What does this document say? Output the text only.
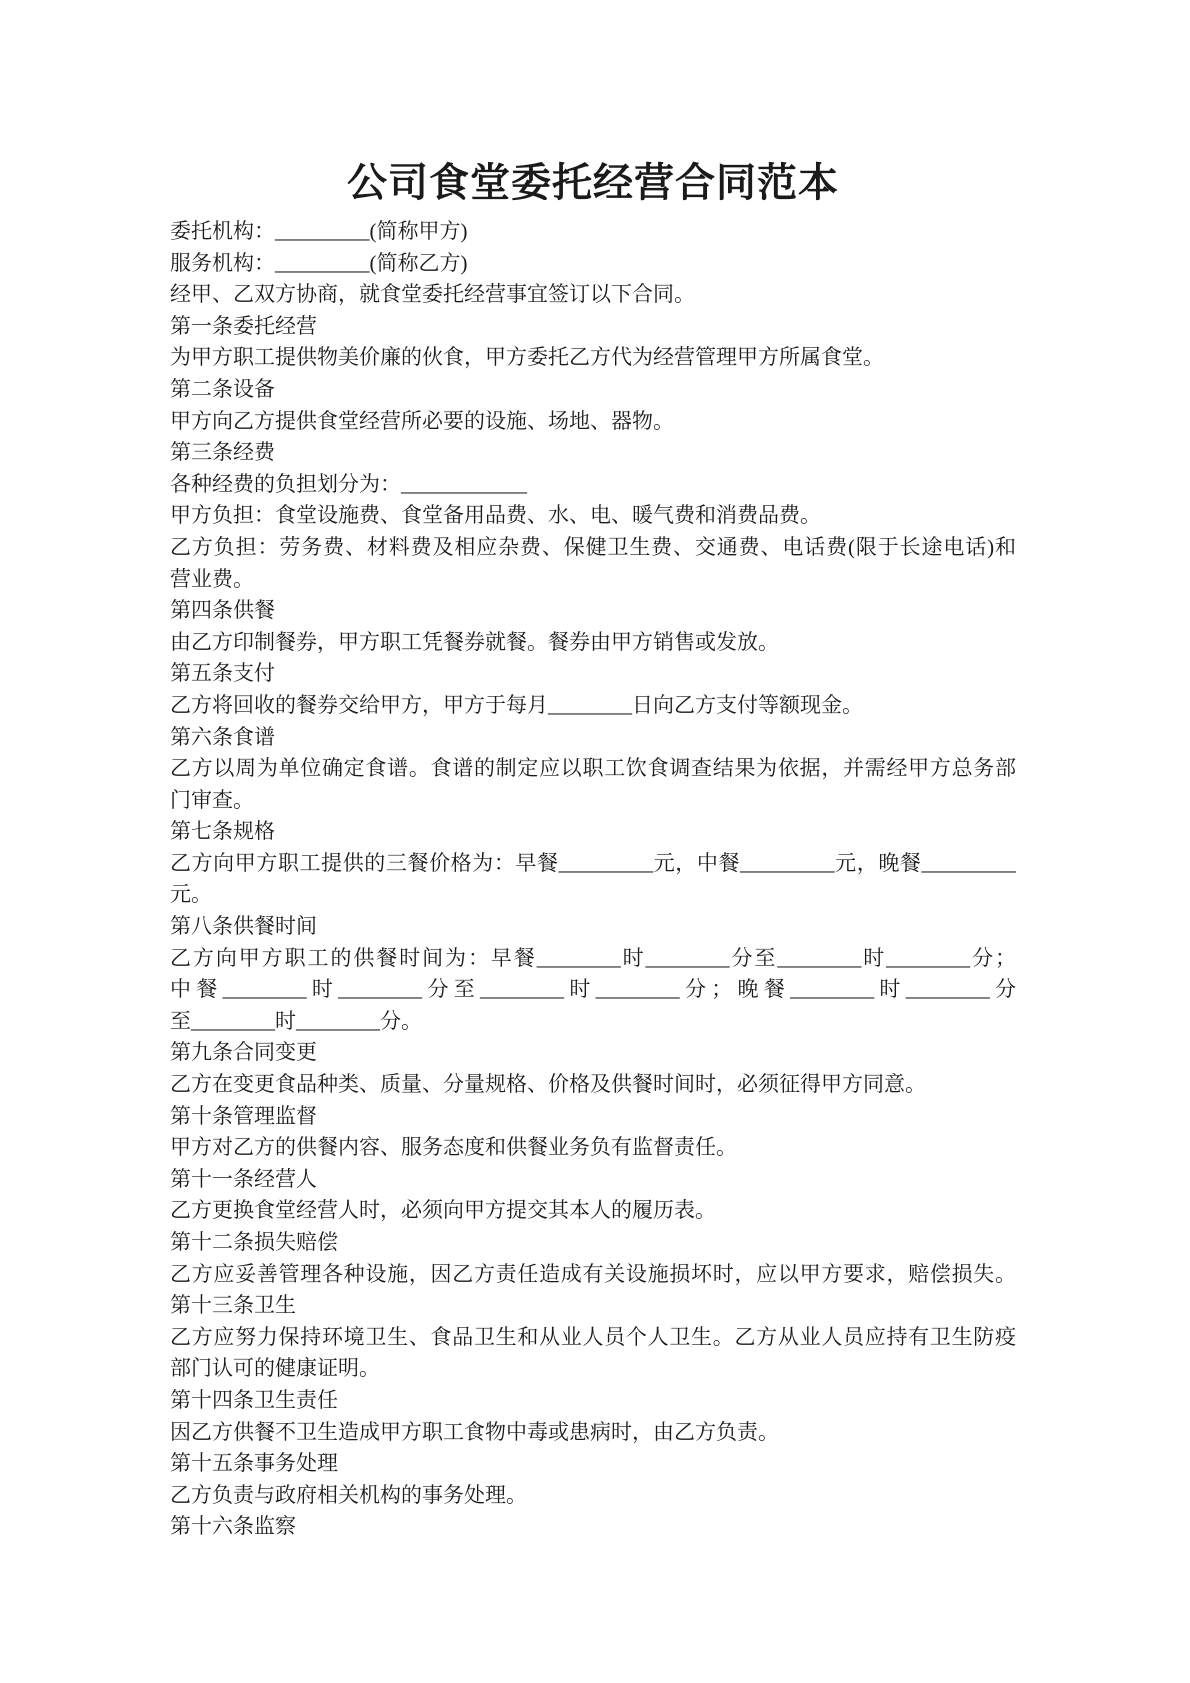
公司食堂委托经营合同范本
委托机构：_________(简称甲方)
服务机构：_________(简称乙方)
经甲、乙双方协商，就食堂委托经营事宜签订以下合同。
第一条委托经营
为甲方职工提供物美价廉的伙食，甲方委托乙方代为经营管理甲方所属食堂。
第二条设备
甲方向乙方提供食堂经营所必要的设施、场地、器物。
第三条经费
各种经费的负担划分为：____________
甲方负担：食堂设施费、食堂备用品费、水、电、暖气费和消费品费。
乙方负担：劳务费、材料费及相应杂费、保健卫生费、交通费、电话费(限于长途电话)和
营业费。
第四条供餐
由乙方印制餐券，甲方职工凭餐券就餐。餐券由甲方销售或发放。
第五条支付
乙方将回收的餐券交给甲方，甲方于每月________日向乙方支付等额现金。
第六条食谱
乙方以周为单位确定食谱。食谱的制定应以职工饮食调查结果为依据，并需经甲方总务部
门审查。
第七条规格
乙方向甲方职工提供的三餐价格为：早餐_________元，中餐_________元，晚餐_________
元。
第八条供餐时间
乙方向甲方职工的供餐时间为：早餐________时________分至________时________分；
中餐________时________分至________时________分；晚餐________时________分
至________时________分。
第九条合同变更
乙方在变更食品种类、质量、分量规格、价格及供餐时间时，必须征得甲方同意。
第十条管理监督
甲方对乙方的供餐内容、服务态度和供餐业务负有监督责任。
第十一条经营人
乙方更换食堂经营人时，必须向甲方提交其本人的履历表。
第十二条损失赔偿
乙方应妥善管理各种设施，因乙方责任造成有关设施损坏时，应以甲方要求，赔偿损失。
第十三条卫生
乙方应努力保持环境卫生、食品卫生和从业人员个人卫生。乙方从业人员应持有卫生防疫
部门认可的健康证明。
第十四条卫生责任
因乙方供餐不卫生造成甲方职工食物中毒或患病时，由乙方负责。
第十五条事务处理
乙方负责与政府相关机构的事务处理。
第十六条监察
